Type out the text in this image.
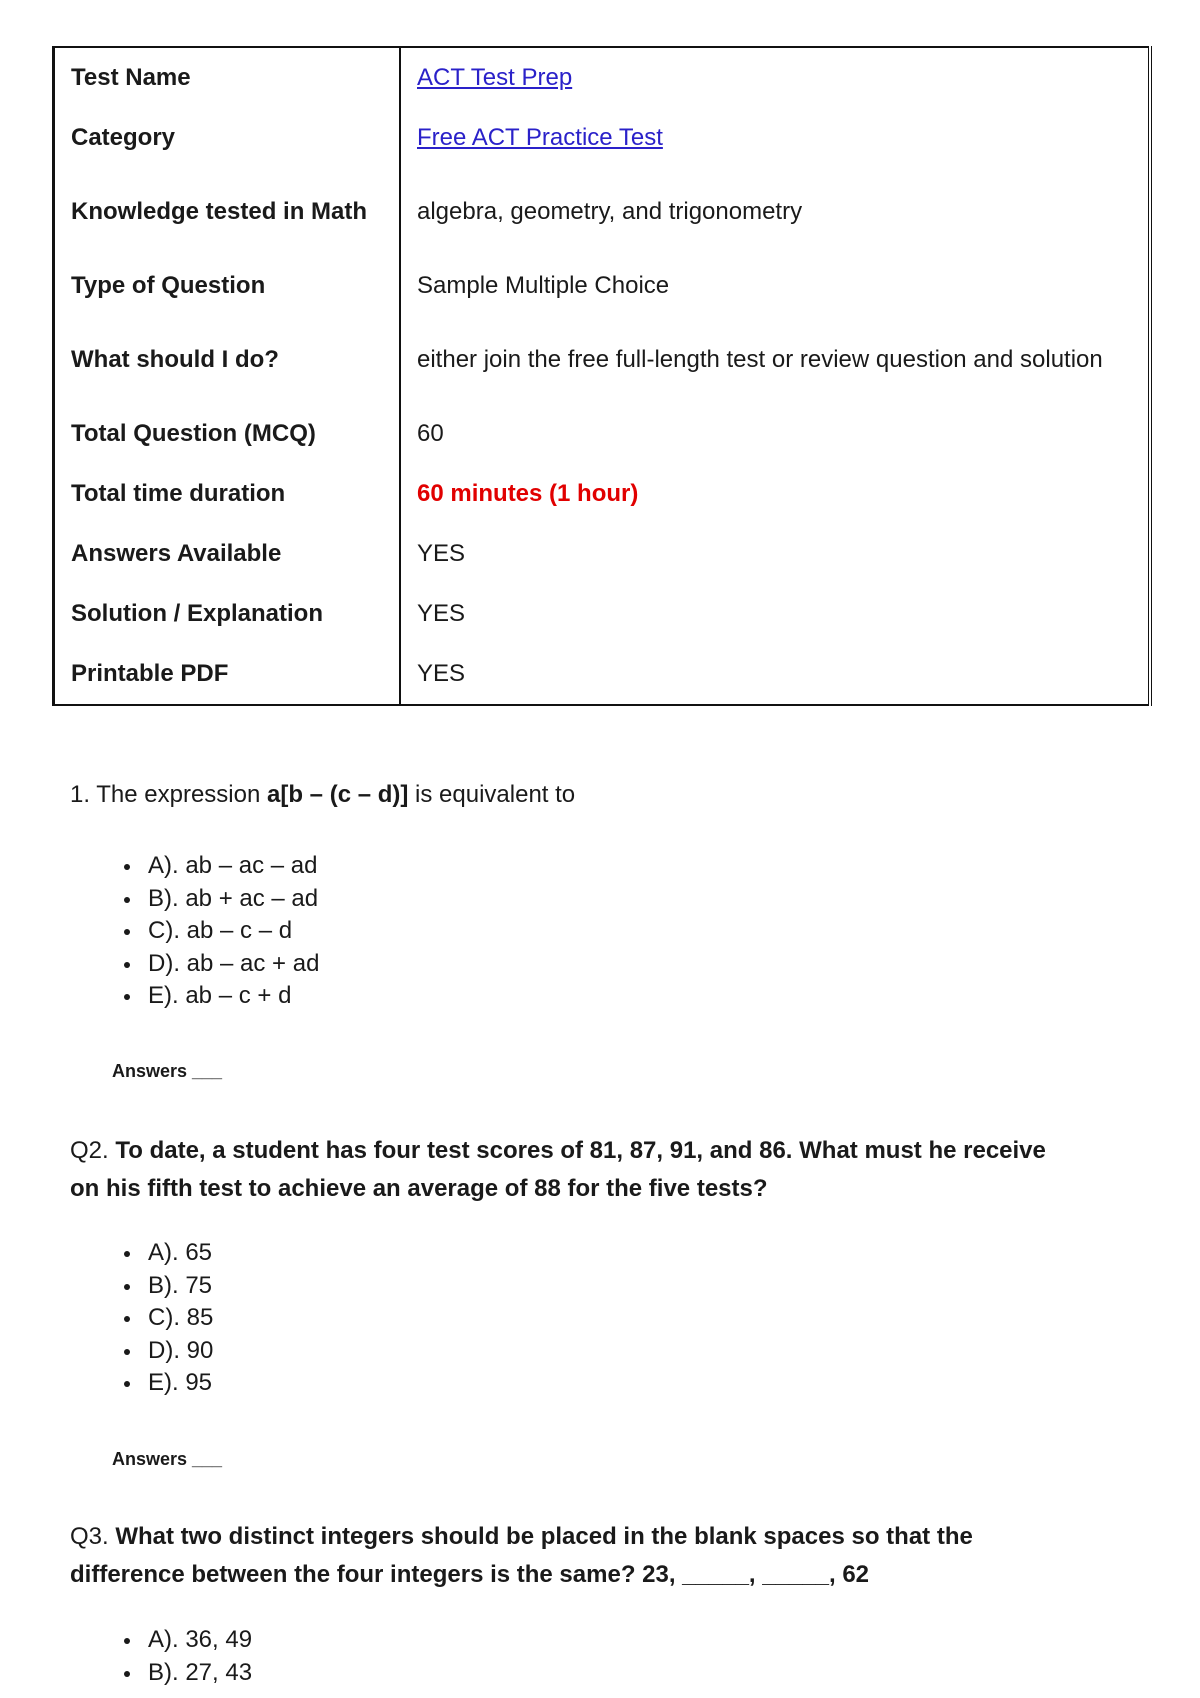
Test Name	ACT Test Prep
Category	Free ACT Practice Test
Knowledge tested in Math	algebra, geometry, and trigonometry
Type of Question	Sample Multiple Choice
What should I do?	either join the free full-length test or review question and solution
Total Question (MCQ)	60
Total time duration	60 minutes (1 hour)
Answers Available	YES
Solution / Explanation	YES
Printable PDF	YES

1. The expression a[b – (c – d)] is equivalent to

A). ab – ac – ad
B). ab + ac – ad
C). ab – c – d
D). ab – ac + ad
E). ab – c + d
Answers ___

Q2. To date, a student has four test scores of 81, 87, 91, and 86. What must he receive on his fifth test to achieve an average of 88 for the five tests?

A). 65
B). 75
C). 85
D). 90
E). 95
Answers ___

Q3. What two distinct integers should be placed in the blank spaces so that the difference between the four integers is the same? 23, _____, _____, 62

A). 36, 49
B). 27, 43
